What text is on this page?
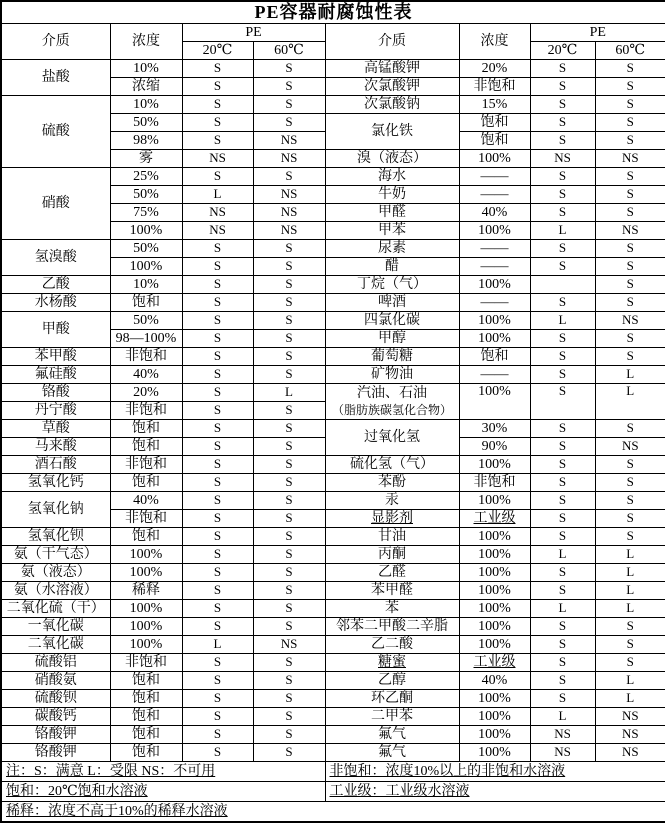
PE容器耐腐蚀性表							
介质	浓度	PE		介质	浓度	PE	
		20℃	60℃			20℃	60℃
盐酸	10%	S	S	高锰酸钾	20%	S	S
	浓缩	S	S	次氯酸钾	非饱和	S	S
硫酸	10%	S	S	次氯酸钠	15%	S	S
	50%	S	S	氯化铁	饱和	S	S
	98%	S	NS		饱和	S	S
	雾	NS	NS	溴（液态）	100%	NS	NS
硝酸	25%	S	S	海水	——	S	S
	50%	L	NS	牛奶	——	S	S
	75%	NS	NS	甲醛	40%	S	S
	100%	NS	NS	甲苯	100%	L	NS
氢溴酸	50%	S	S	尿素	——	S	S
	100%	S	S	醋	——	S	S
乙酸	10%	S	S	丁烷（气）	100%		S
水杨酸	饱和	S	S	啤酒	——	S	S
甲酸	50%	S	S	四氯化碳	100%	L	NS
	98—100%	S	S	甲醇	100%	S	S
苯甲酸	非饱和	S	S	葡萄糖	饱和	S	S
氟硅酸	40%	S	S	矿物油	——	S	L
铬酸	20%	S	L	汽油、石油
（脂肪族碳氢化合物）	100%	S	L
丹宁酸	非饱和	S	S				
草酸	饱和	S	S	过氧化氢	30%	S	S
马来酸	饱和	S	S		90%	S	NS
酒石酸	非饱和	S	S	硫化氢（气）	100%	S	S
氢氧化钙	饱和	S	S	苯酚	非饱和	S	S
氢氧化钠	40%	S	S	汞	100%	S	S
	非饱和	S	S	显影剂	工业级	S	S
氢氧化钡	饱和	S	S	甘油	100%	S	S
氨（干气态）	100%	S	S	丙酮	100%	L	L
氨（液态）	100%	S	S	乙醛	100%	S	L
氨（水溶液）	稀释	S	S	苯甲醛	100%	S	L
二氧化硫（干）	100%	S	S	苯	100%	L	L
一氧化碳	100%	S	S	邻苯二甲酸二辛脂	100%	S	S
二氧化碳	100%	L	NS	乙二酸	100%	S	S
硫酸铝	非饱和	S	S	糖蜜	工业级	S	S
硝酸氨	饱和	S	S	乙醇	40%	S	L
硫酸钡	饱和	S	S	环乙酮	100%	S	L
碳酸钙	饱和	S	S	二甲苯	100%	L	NS
铬酸钾	饱和	S	S	氟气	100%	NS	NS
铬酸钾	饱和	S	S	氟气	100%	NS	NS
注：S：满意 L：受限 NS：不可用				非饱和：浓度10%以上的非饱和水溶液			
饱和：20℃饱和水溶液				工业级：工业级水溶液			
稀释：浓度不高于10%的稀释水溶液							
